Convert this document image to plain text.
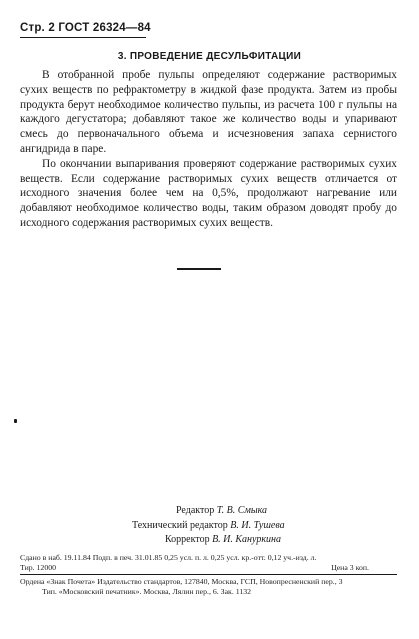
Стр. 2 ГОСТ 26324—84
3. ПРОВЕДЕНИЕ ДЕСУЛЬФИТАЦИИ

В отобранной пробе пульпы определяют содержание растворимых сухих веществ по рефрактометру в жидкой фазе продукта. Затем из пробы продукта берут необходимое количество пульпы, из расчета 100 г пульпы на каждого дегустатора; добавляют такое же количество воды и упаривают смесь до первоначального объема и исчезновения запаха сернистого ангидрида в паре.

По окончании выпаривания проверяют содержание растворимых сухих веществ. Если содержание растворимых сухих веществ отличается от исходного значения более чем на 0,5%, продолжают нагревание или добавляют необходимое количество воды, таким образом доводят пробу до исходного содержания растворимых сухих веществ.

Редактор Т. В. Смыка
Технический редактор В. И. Тушева
Корректор В. И. Кануркина
Сдано в наб. 19.11.84 Подп. в печ. 31.01.85 0,25 усл. п. л. 0,25 усл. кр.-отт. 0,12 уч.-изд. л.
Тир. 12000	Цена 3 коп.
Ордена «Знак Почета» Издательство стандартов, 127840, Москва, ГСП, Новопресненский пер., 3
Тип. «Московский печатник». Москва, Лялин пер., 6. Зак. 1132
